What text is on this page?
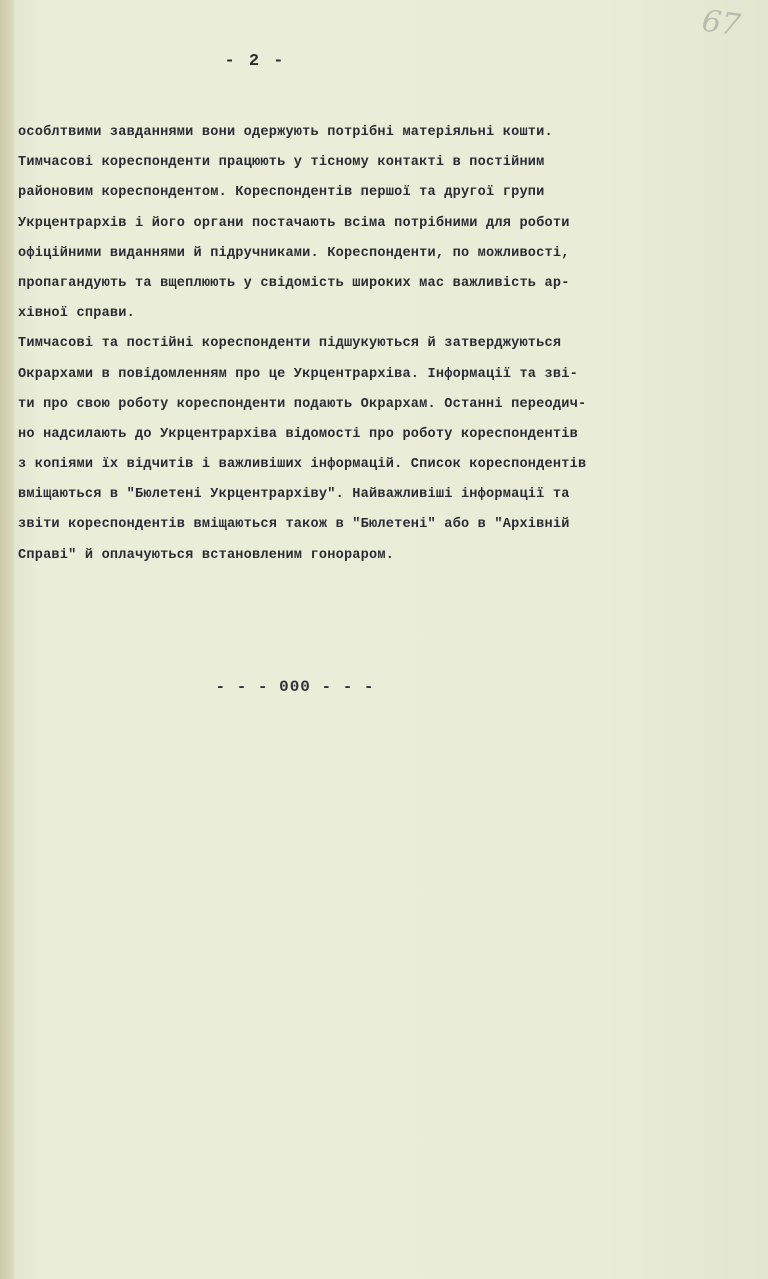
67
- 2 -
особлтвими завданнями вони одержують потрібні матеріяльні кошти.
Тимчасові кореспонденти працюють у тісному контакті в постійним
районовим кореспондентом. Кореспондентів першої та другої групи
Укрцентрархів і його органи постачають всіма потрібними для роботи
офіційними виданнями й підручниками. Кореспонденти, по можливості,
пропагандують та вщеплюють у свідомість широких мас важливість ар-
хівної справи.
Тимчасові та постійні кореспонденти підшукуються й затверджуються
Окрархами в повідомленням про це Укрцентрархіва. Інформації та зві-
ти про свою роботу кореспонденти подають Окрархам. Останні переодич-
но надсилають до Укрцентрархіва відомості про роботу кореспондентів
з копіями їх відчитів і важливіших інформацій. Список кореспондентів
вміщаються в "Бюлетені Укрцентрархіву". Найважливіші інформації та
звіти кореспондентів вміщаються також в "Бюлетені" або в "Архівній
Справі" й оплачуються встановленим гонораром.
- - - 000 - - -
